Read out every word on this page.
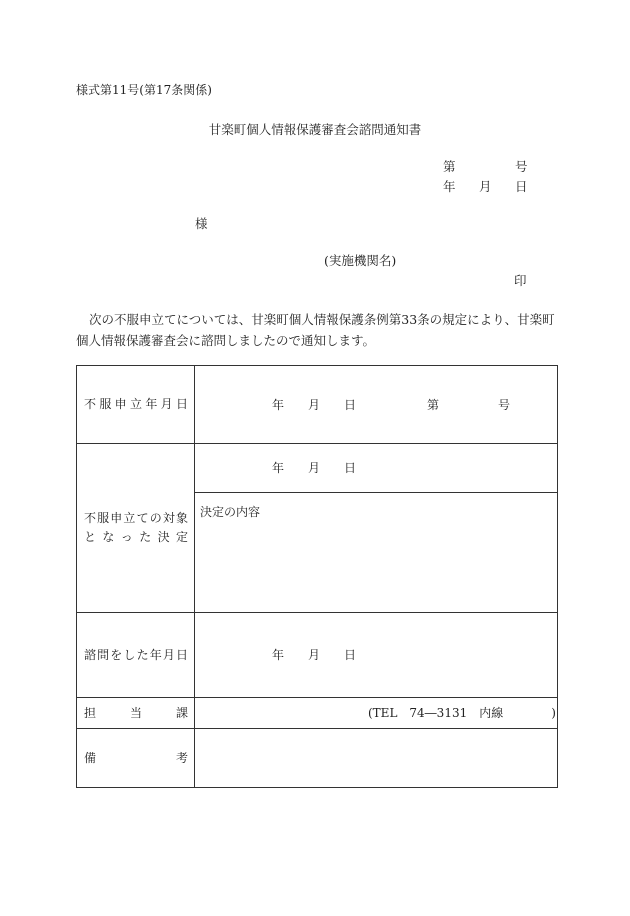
様式第11号(第17条関係)
甘楽町個人情報保護審査会諮問通知書
第	号
年 月 日
様
(実施機関名)
印
次の不服申立てについては、甘楽町個人情報保護条例第33条の規定により、甘楽町個人情報保護審査会に諮問しましたので通知します。
不服申立年月日	年 月 日 第 号

不服申立ての対象
となった決定	年 月 日

	決定の内容

諮問をした年月日	年 月 日

担当課	(TEL　74―3131　内線　　　　)

備考	
